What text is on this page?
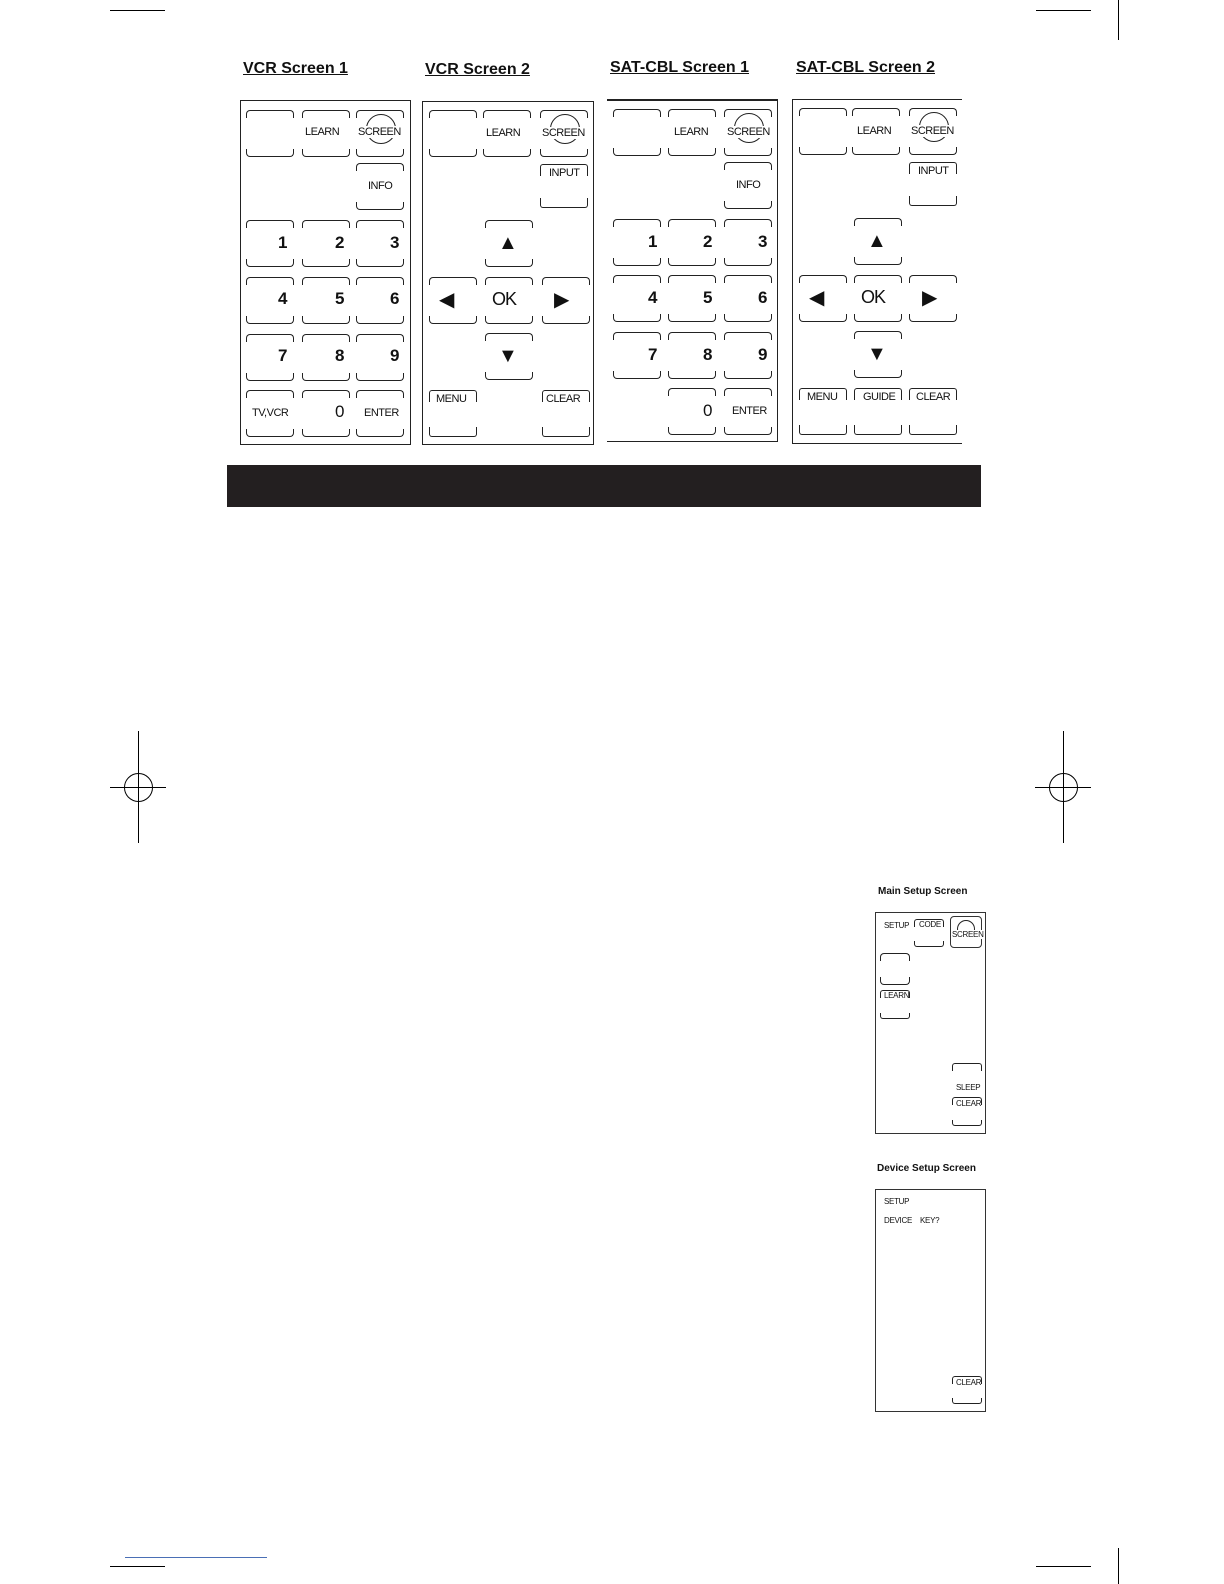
VCR Screen 1
LEARN SCREEN
INFO
1	2	3
4	5	6
7	8	9
TV,VCR	0 ENTER
VCR Screen 2
LEARN SCREEN
INPUT
▲
◀ OK ▶
▼
MENU	CLEAR
SAT-CBL Screen 1
LEARN SCREEN
INFO
1	2	3
4	5	6
7	8	9
0 ENTER
SAT-CBL Screen 2
LEARN SCREEN
INPUT
▲
◀ OK ▶
▼
MENU GUIDE CLEAR
Main Setup Screen
SETUP CODE
SCREEN
LEARN
SLEEP
CLEAR
Device Setup Screen
SETUP
DEVICE KEY?
CLEAR
